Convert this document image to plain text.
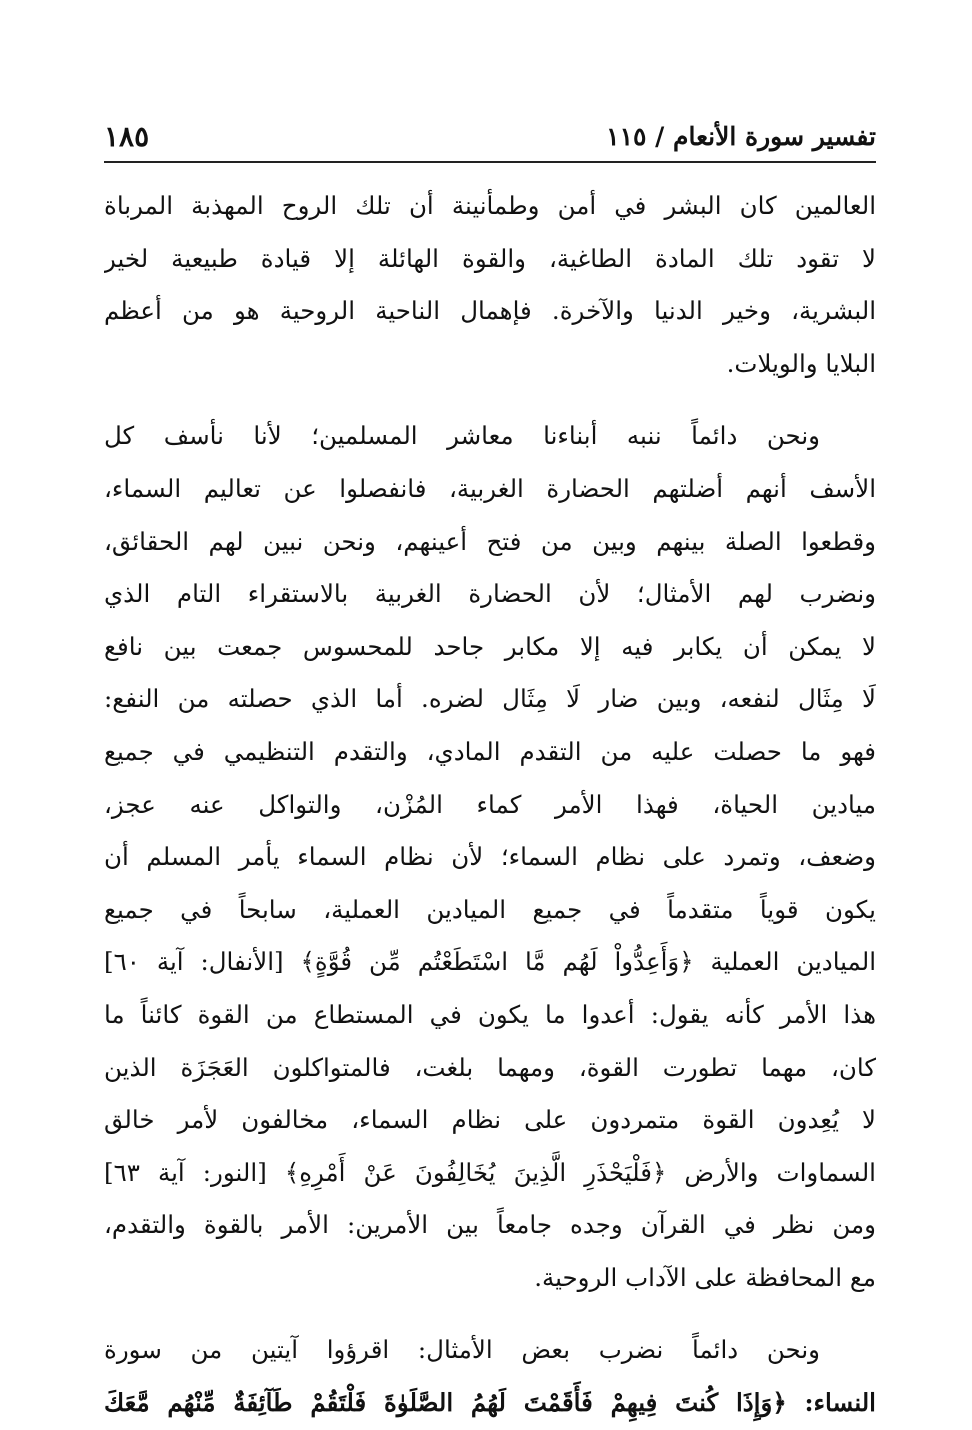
تفسير سورة الأنعام / ١١٥
١٨٥
العالمين كان البشر في أمن وطمأنينة أن تلك الروح المهذبة المرباة
لا تقود تلك المادة الطاغية، والقوة الهائلة إلا قيادة طبيعية لخير
البشرية، وخير الدنيا والآخرة. فإهمال الناحية الروحية هو من أعظم
البلايا والويلات.
ونحن دائماً ننبه أبناءنا معاشر المسلمين؛ لأنا نأسف كل
الأسف أنهم أضلتهم الحضارة الغربية، فانفصلوا عن تعاليم السماء،
وقطعوا الصلة بينهم وبين من فتح أعينهم، ونحن نبين لهم الحقائق،
ونضرب لهم الأمثال؛ لأن الحضارة الغربية بالاستقراء التام الذي
لا يمكن أن يكابر فيه إلا مكابر جاحد للمحسوس جمعت بين نافع
لَا مِثَال لنفعه، وبين ضار لَا مِثَال لضره. أما الذي حصلته من النفع:
فهو ما حصلت عليه من التقدم المادي، والتقدم التنظيمي في جميع
ميادين الحياة، فهذا الأمر كماء المُزْن، والتواكل عنه عجز،
وضعف، وتمرد على نظام السماء؛ لأن نظام السماء يأمر المسلم أن
يكون قوياً متقدماً في جميع الميادين العملية، سابحاً في جميع
الميادين العملية ﴿وَأَعِدُّواْ لَهُم مَّا اسْتَطَعْتُم مِّن قُوَّةٍ﴾ [الأنفال: آية ٦٠]
هذا الأمر كأنه يقول: أعدوا ما يكون في المستطاع من القوة كائناً ما
كان، مهما تطورت القوة، ومهما بلغت، فالمتواكلون العَجَزَة الذين
لا يُعِدون القوة متمردون على نظام السماء، مخالفون لأمر خالق
السماوات والأرض ﴿فَلْيَحْذَرِ الَّذِينَ يُخَالِفُونَ عَنْ أَمْرِهِ﴾ [النور: آية ٦٣]
ومن نظر في القرآن وجده جامعاً بين الأمرين: الأمر بالقوة والتقدم،
مع المحافظة على الآداب الروحية.
ونحن دائماً نضرب بعض الأمثال: اقرؤوا آيتين من سورة
النساء: ﴿وَإِذَا كُنتَ فِيهِمْ فَأَقَمْتَ لَهُمُ الصَّلَوٰةَ فَلْتَقُمْ طَآئِفَةٌ مِّنْهُم مَّعَكَ
